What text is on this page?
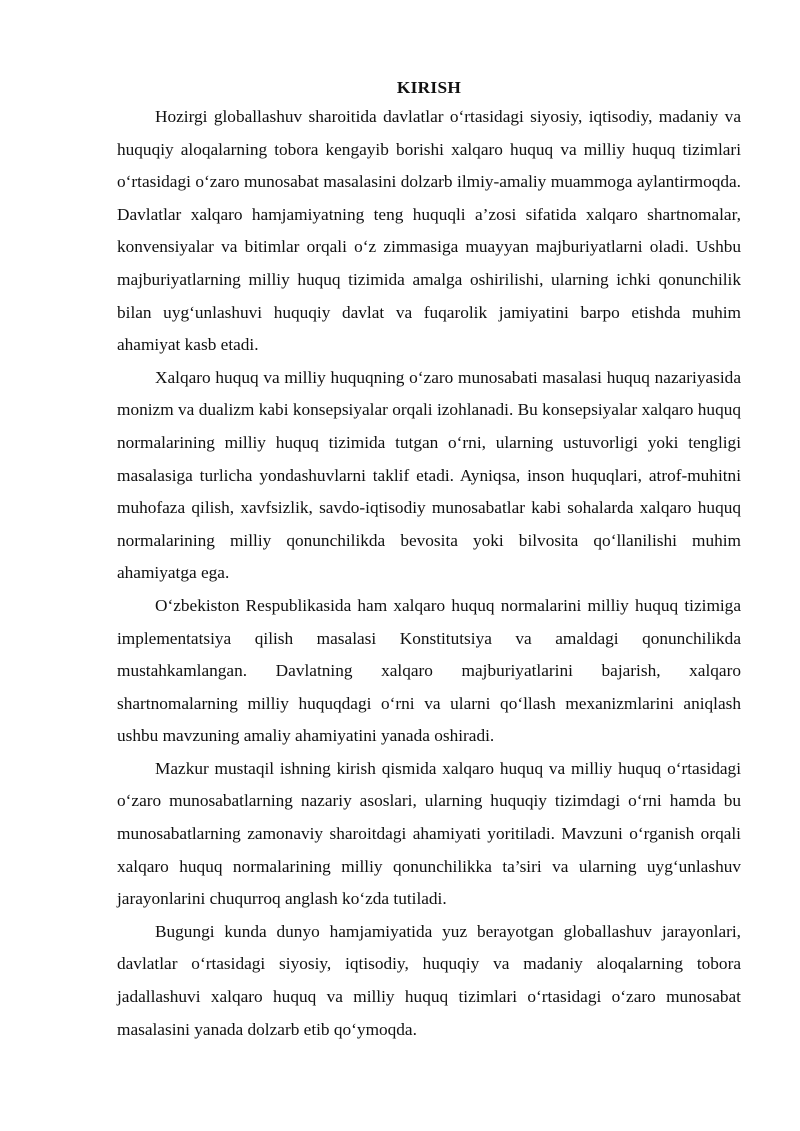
KIRISH

Hozirgi globallashuv sharoitida davlatlar o‘rtasidagi siyosiy, iqtisodiy, madaniy va huquqiy aloqalarning tobora kengayib borishi xalqaro huquq va milliy huquq tizimlari o‘rtasidagi o‘zaro munosabat masalasini dolzarb ilmiy-amaliy muammoga aylantirmoqda. Davlatlar xalqaro hamjamiyatning teng huquqli a’zosi sifatida xalqaro shartnomalar, konvensiyalar va bitimlar orqali o‘z zimmasiga muayyan majburiyatlarni oladi. Ushbu majburiyatlarning milliy huquq tizimida amalga oshirilishi, ularning ichki qonunchilik bilan uyg‘unlashuvi huquqiy davlat va fuqarolik jamiyatini barpo etishda muhim ahamiyat kasb etadi.

Xalqaro huquq va milliy huquqning o‘zaro munosabati masalasi huquq nazariyasida monizm va dualizm kabi konsepsiyalar orqali izohlanadi. Bu konsepsiyalar xalqaro huquq normalarining milliy huquq tizimida tutgan o‘rni, ularning ustuvorligi yoki tengligi masalasiga turlicha yondashuvlarni taklif etadi. Ayniqsa, inson huquqlari, atrof-muhitni muhofaza qilish, xavfsizlik, savdo-iqtisodiy munosabatlar kabi sohalarda xalqaro huquq normalarining milliy qonunchilikda bevosita yoki bilvosita qo‘llanilishi muhim ahamiyatga ega.

O‘zbekiston Respublikasida ham xalqaro huquq normalarini milliy huquq tizimiga implementatsiya qilish masalasi Konstitutsiya va amaldagi qonunchilikda mustahkamlangan. Davlatning xalqaro majburiyatlarini bajarish, xalqaro shartnomalarning milliy huquqdagi o‘rni va ularni qo‘llash mexanizmlarini aniqlash ushbu mavzuning amaliy ahamiyatini yanada oshiradi.

Mazkur mustaqil ishning kirish qismida xalqaro huquq va milliy huquq o‘rtasidagi o‘zaro munosabatlarning nazariy asoslari, ularning huquqiy tizimdagi o‘rni hamda bu munosabatlarning zamonaviy sharoitdagi ahamiyati yoritiladi. Mavzuni o‘rganish orqali xalqaro huquq normalarining milliy qonunchilikka ta’siri va ularning uyg‘unlashuv jarayonlarini chuqurroq anglash ko‘zda tutiladi.

Bugungi kunda dunyo hamjamiyatida yuz berayotgan globallashuv jarayonlari, davlatlar o‘rtasidagi siyosiy, iqtisodiy, huquqiy va madaniy aloqalarning tobora jadallashuvi xalqaro huquq va milliy huquq tizimlari o‘rtasidagi o‘zaro munosabat masalasini yanada dolzarb etib qo‘ymoqda.
